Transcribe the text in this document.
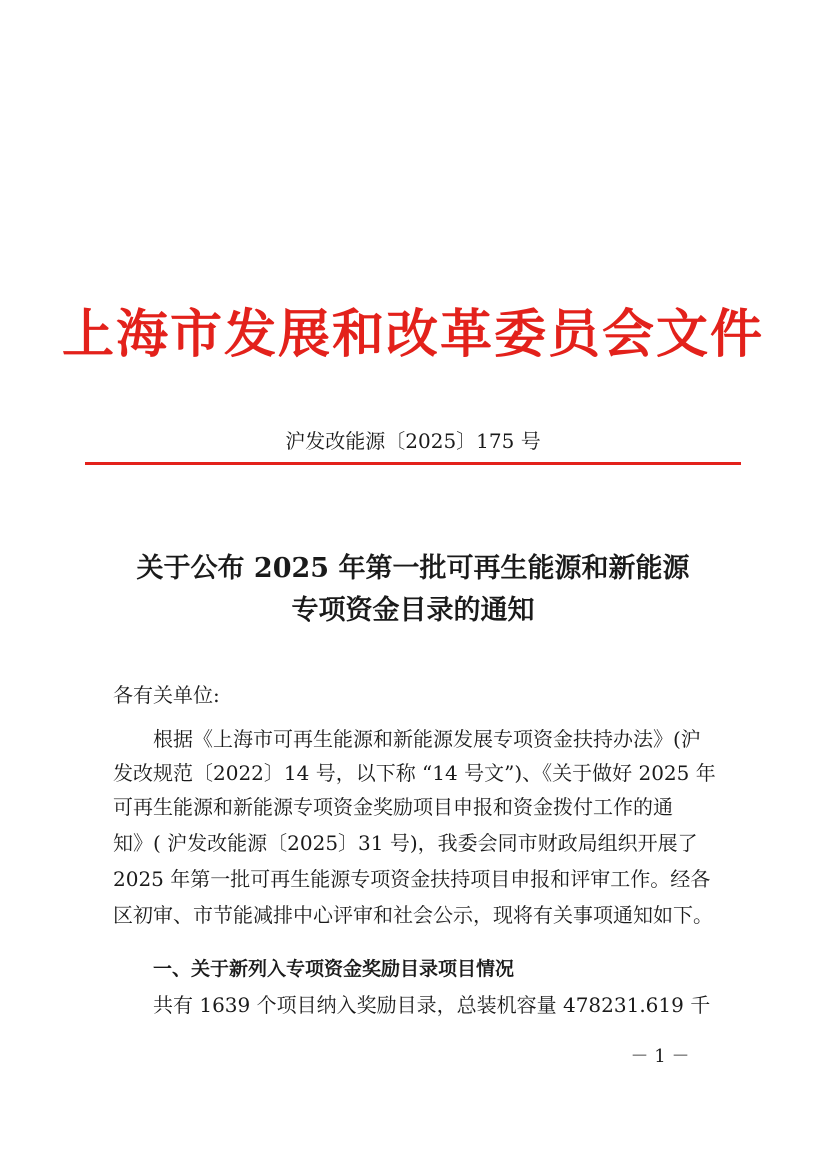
上海市发展和改革委员会文件
沪发改能源〔2025〕175 号
关于公布 2025 年第一批可再生能源和新能源
专项资金目录的通知
各有关单位:
根据《上海市可再生能源和新能源发展专项资金扶持办法》(沪
发改规范〔2022〕14 号，以下称 “14 号文”)、《关于做好 2025 年
可再生能源和新能源专项资金奖励项目申报和资金拨付工作的通
知》( 沪发改能源〔2025〕31 号)，我委会同市财政局组织开展了
2025 年第一批可再生能源专项资金扶持项目申报和评审工作。经各
区初审、市节能减排中心评审和社会公示，现将有关事项通知如下。
一、关于新列入专项资金奖励目录项目情况
共有 1639 个项目纳入奖励目录，总装机容量 478231.619 千
－ 1 －
